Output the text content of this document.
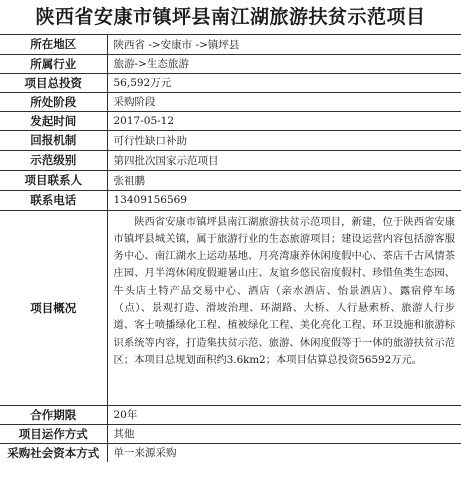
陕西省安康市镇坪县南江湖旅游扶贫示范项目
所在地区	陕西省 ->安康市 ->镇坪县
所属行业	旅游->生态旅游
项目总投资	56,592万元
所处阶段	采购阶段
发起时间	2017-05-12
回报机制	可行性缺口补助
示范级别	第四批次国家示范项目
项目联系人	张祖鹏
联系电话	13409156569
项目概况	陕西省安康市镇坪县南江湖旅游扶贫示范项目，新建，位于陕西省安康市镇坪县城关镇，属于旅游行业的生态旅游项目；建设运营内容包括游客服务中心、南江湖水上运动基地、月亮湾康养休闲度假中心、茶店千古风情茶庄园、月半湾休闲度假避暑山庄、友谊乡悠民宿度假村、珍惜鱼类生态园、牛头店土特产品交易中心、酒店（亲水酒店、怡景酒店）、露宿停车场（点）、景观打造、滑坡治理、环湖路、大桥、人行悬索桥、旅游人行步道、客土喷播绿化工程、植被绿化工程、美化亮化工程、环卫设施和旅游标识系统等内容，打造集扶贫示范、旅游、休闲度假等于一体的旅游扶贫示范区；本项目总规划面积约3.6km2；本项目估算总投资56592万元。
合作期限	20年
项目运作方式	其他
采购社会资本方式	单一来源采购
